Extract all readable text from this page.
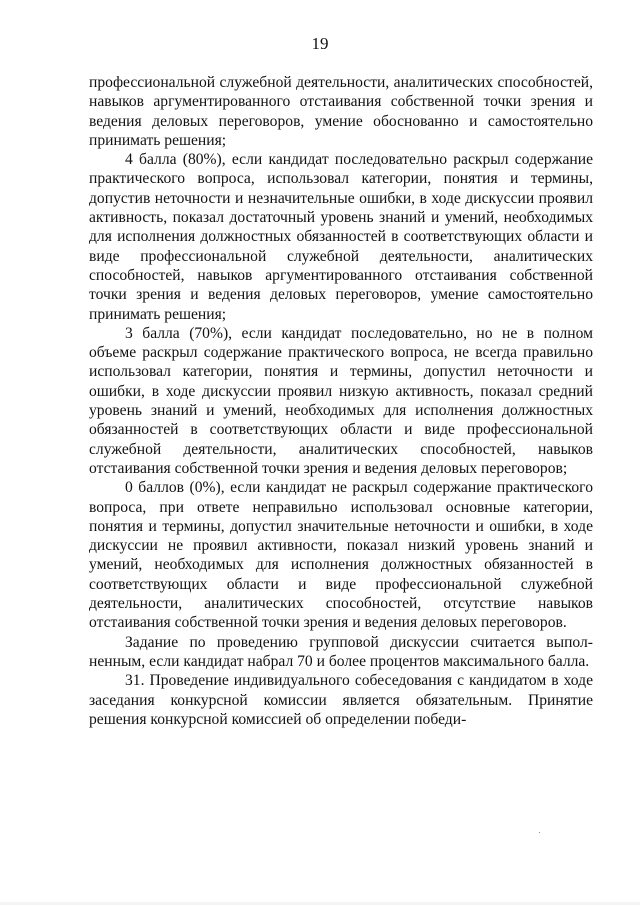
19

профессиональной служебной деятельности, аналитических способностей, навыков аргументированного отстаивания собственной точки зрения и ведения деловых переговоров, умение обоснованно и самостоятельно принимать решения;

4 балла (80%), если кандидат последовательно раскрыл содержание практического вопроса, использовал категории, понятия и термины, допустив неточности и незначительные ошибки, в ходе дискуссии проявил активность, показал достаточный уровень знаний и умений, необходимых для исполнения должностных обязанностей в соответствующих области и виде профессиональной служебной деятельности, аналитических способностей, навыков аргументированного отстаивания собственной точки зрения и ведения деловых переговоров, умение самостоятельно принимать решения;

3 балла (70%), если кандидат последовательно, но не в полном объеме раскрыл содержание практического вопроса, не всегда правильно использовал категории, понятия и термины, допустил неточности и ошибки, в ходе дискуссии проявил низкую активность, показал средний уровень знаний и умений, необходимых для исполнения должностных обязанностей в соответствующих области и виде профессиональной служебной деятельности, аналитических способностей, навыков отстаивания собственной точки зрения и ведения деловых переговоров;

0 баллов (0%), если кандидат не раскрыл содержание практического вопроса, при ответе неправильно использовал основные категории, понятия и термины, допустил значительные неточности и ошибки, в ходе дискуссии не проявил активности, показал низкий уровень знаний и умений, необходимых для исполнения должностных обязанностей в соответствующих области и виде профессиональной служебной деятельности, аналитических способностей, отсутствие навыков отстаивания собственной точки зрения и ведения деловых переговоров.

Задание по проведению групповой дискуссии считается выполненным, если кандидат набрал 70 и более процентов максимального балла.

31. Проведение индивидуального собеседования с кандидатом в ходе заседания конкурсной комиссии является обязательным. Принятие решения конкурсной комиссией об определении победи-
